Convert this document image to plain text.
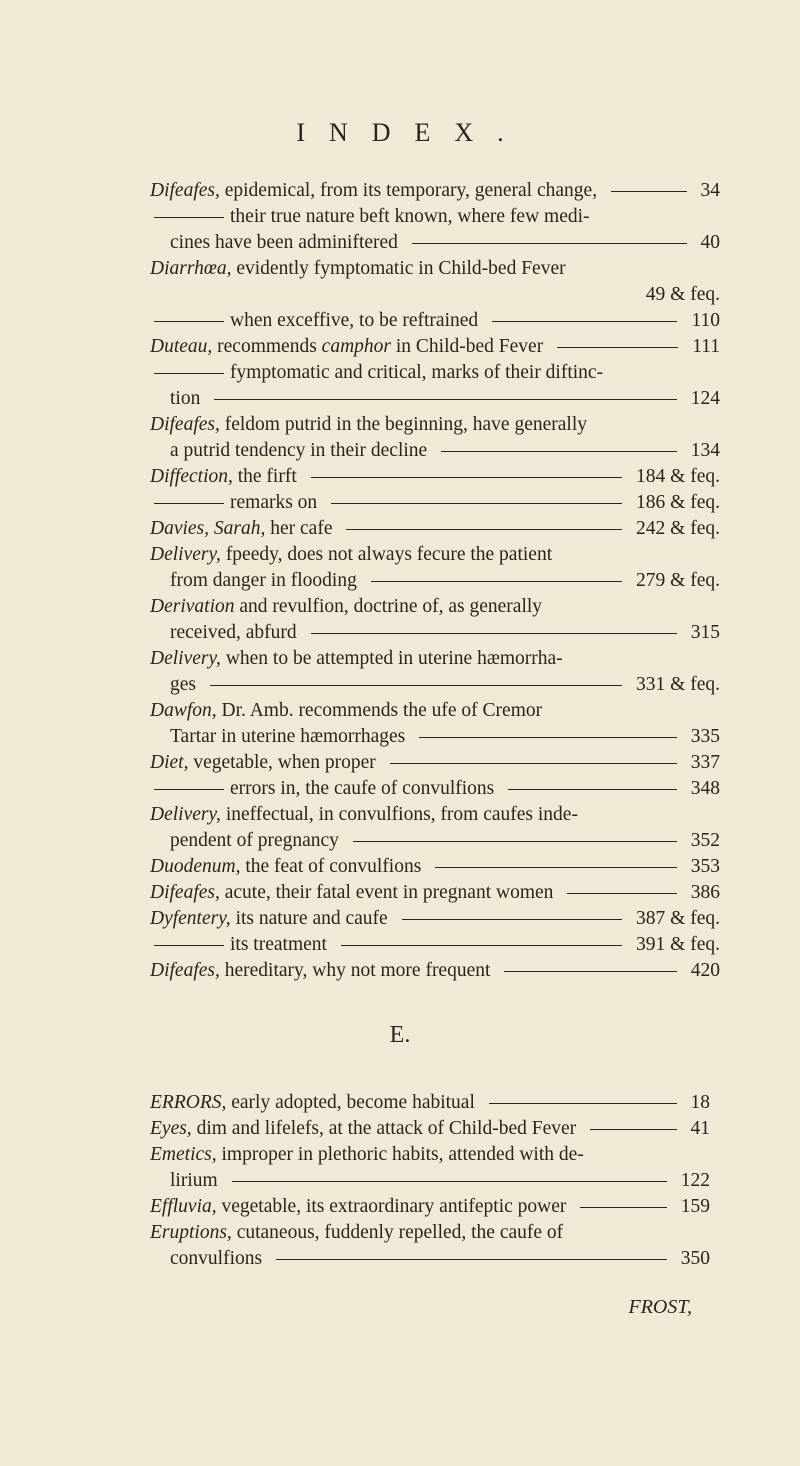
INDEX.
Difeafes, epidemical, from its temporary, general change,	34
their true nature beft known, where few medi-
cines have been adminiftered	40
Diarrhœa, evidently fymptomatic in Child-bed Fever
49 & feq.
when exceffive, to be reftrained	110
Duteau, recommends camphor in Child-bed Fever	111
fymptomatic and critical, marks of their diftinc-
tion	124
Difeafes, feldom putrid in the beginning, have generally
a putrid tendency in their decline	134
Diffection, the firft	184 & feq.
remarks on	186 & feq.
Davies, Sarah, her cafe	242 & feq.
Delivery, fpeedy, does not always fecure the patient
from danger in flooding	279 & feq.
Derivation and revulfion, doctrine of, as generally
received, abfurd	315
Delivery, when to be attempted in uterine hæmorrha-
ges	331 & feq.
Dawfon, Dr. Amb. recommends the ufe of Cremor
Tartar in uterine hæmorrhages	335
Diet, vegetable, when proper	337
errors in, the caufe of convulfions	348
Delivery, ineffectual, in convulfions, from caufes inde-
pendent of pregnancy	352
Duodenum, the feat of convulfions	353
Difeafes, acute, their fatal event in pregnant women	386
Dyfentery, its nature and caufe	387 & feq.
its treatment	391 & feq.
Difeafes, hereditary, why not more frequent	420
E.
ERRORS, early adopted, become habitual	18
Eyes, dim and lifelefs, at the attack of Child-bed Fever	41
Emetics, improper in plethoric habits, attended with de-
lirium	122
Effluvia, vegetable, its extraordinary antifeptic power	159
Eruptions, cutaneous, fuddenly repelled, the caufe of
convulfions	350
FROST,
